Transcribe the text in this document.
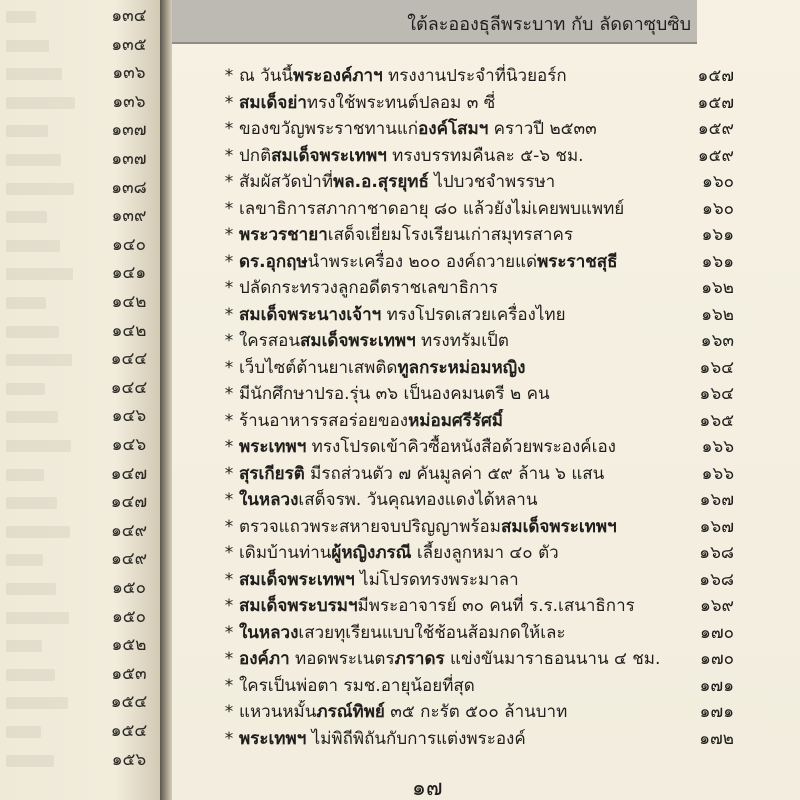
๑๓๔
๑๓๕
๑๓๖
๑๓๖
๑๓๗
๑๓๗
๑๓๘
๑๓๙
๑๔๐
๑๔๑
๑๔๒
๑๔๒
๑๔๔
๑๔๔
๑๔๖
๑๔๖
๑๔๗
๑๔๗
๑๔๙
๑๔๙
๑๕๐
๑๕๐
๑๕๒
๑๕๓
๑๕๔
๑๕๔
๑๕๖
ใต้ละอองธุลีพระบาท กับ ลัดดาซุบซิบ
* ณ วันนี้พระองค์ภาฯ ทรงงานประจำที่นิวยอร์ก	๑๕๗
* สมเด็จย่าทรงใช้พระทนต์ปลอม ๓ ซี่	๑๕๗
* ของขวัญพระราชทานแก่องค์โสมฯ คราวปี ๒๕๓๓	๑๕๙
* ปกติสมเด็จพระเทพฯ ทรงบรรทมคืนละ ๕-๖ ชม.	๑๕๙
* สัมผัสวัดป่าที่พล.อ.สุรยุทธ์ ไปบวชจำพรรษา	๑๖๐
* เลขาธิการสภากาชาดอายุ ๘๐ แล้วยังไม่เคยพบแพทย์	๑๖๐
* พระวรชายาเสด็จเยี่ยมโรงเรียนเก่าสมุทรสาคร	๑๖๑
* ดร.อุกฤษนำพระเครื่อง ๒๐๐ องค์ถวายแด่พระราชสุธี	๑๖๑
* ปลัดกระทรวงลูกอดีตราชเลขาธิการ	๑๖๒
* สมเด็จพระนางเจ้าฯ ทรงโปรดเสวยเครื่องไทย	๑๖๒
* ใครสอนสมเด็จพระเทพฯ ทรงทรัมเป็ต	๑๖๓
* เว็บไซต์ต้านยาเสพติดทูลกระหม่อมหญิง	๑๖๔
* มีนักศึกษาปรอ.รุ่น ๓๖ เป็นองคมนตรี ๒ คน	๑๖๔
* ร้านอาหารรสอร่อยของหม่อมศรีรัศมิ์	๑๖๕
* พระเทพฯ ทรงโปรดเข้าคิวซื้อหนังสือด้วยพระองค์เอง	๑๖๖
* สุรเกียรติ มีรถส่วนตัว ๗ คันมูลค่า ๕๙ ล้าน ๖ แสน	๑๖๖
* ในหลวงเสด็จรพ. วันคุณทองแดงได้หลาน	๑๖๗
* ตรวจแถวพระสหายจบปริญญาพร้อมสมเด็จพระเทพฯ	๑๖๗
* เดิมบ้านท่านผู้หญิงภรณี เลี้ยงลูกหมา ๔๐ ตัว	๑๖๘
* สมเด็จพระเทพฯ ไม่โปรดทรงพระมาลา	๑๖๘
* สมเด็จพระบรมฯมีพระอาจารย์ ๓๐ คนที่ ร.ร.เสนาธิการ	๑๖๙
* ในหลวงเสวยทุเรียนแบบใช้ช้อนส้อมกดให้เละ	๑๗๐
* องค์ภา ทอดพระเนตรภราดร แข่งขันมาราธอนนาน ๔ ชม.	๑๗๐
* ใครเป็นพ่อตา รมช.อายุน้อยที่สุด	๑๗๑
* แหวนหมั้นภรณ์ทิพย์ ๓๕ กะรัต ๕๐๐ ล้านบาท	๑๗๑
* พระเทพฯ ไม่พิถีพิถันกับการแต่งพระองค์	๑๗๒
๑๗
